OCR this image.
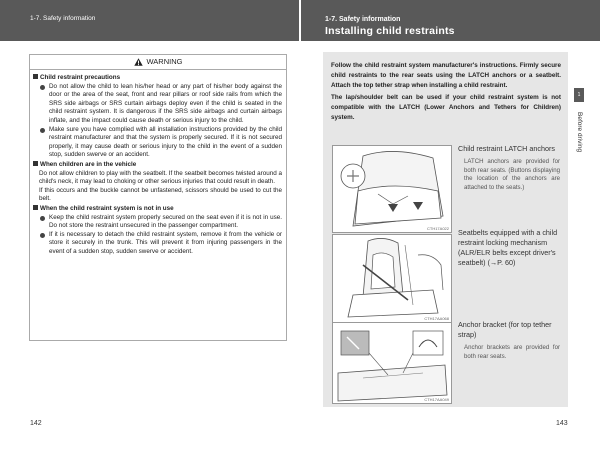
1-7. Safety information	1-7. Safety information
Installing child restraints
WARNING
Child restraint precautions

Do not allow the child to lean his/her head or any part of his/her body against the door or the area of the seat, front and rear pillars or roof side rails from which the SRS side airbags or SRS curtain airbags deploy even if the child is seated in the child restraint system. It is dangerous if the SRS side airbags and curtain airbags inflate, and the impact could cause death or serious injury to the child.

Make sure you have complied with all installation instructions provided by the child restraint manufacturer and that the system is properly secured. If it is not secured properly, it may cause death or serious injury to the child in the event of a sudden stop, sudden swerve or an accident.

When children are in the vehicle
Do not allow children to play with the seatbelt. If the seatbelt becomes twisted around a child's neck, it may lead to choking or other serious injuries that could result in death.
If this occurs and the buckle cannot be unfastened, scissors should be used to cut the belt.
When the child restraint system is not in use

Keep the child restraint system properly secured on the seat even if it is not in use. Do not store the restraint unsecured in the passenger compartment.

If it is necessary to detach the child restraint system, remove it from the vehicle or store it securely in the trunk. This will prevent it from injuring passengers in the event of a sudden stop, sudden swerve or accident.

Follow the child restraint system manufacturer's instructions. Firmly secure child restraints to the rear seats using the LATCH anchors or a seatbelt. Attach the top tether strap when installing a child restraint.

The lap/shoulder belt can be used if your child restraint system is not compatible with the LATCH (Lower Anchors and Tethers for Children) system.

CTH17A022
Child restraint LATCH anchors
LATCH anchors are provided for both rear seats. (Buttons displaying the location of the anchors are attached to the seats.)
CTH17AA068
Seatbelts equipped with a child restraint locking mechanism (ALR/ELR belts except driver's seatbelt) (→P. 60)
CTH17AA049
Anchor bracket (for top tether strap)
Anchor brackets are provided for both rear seats.
1
Before driving
142	143
